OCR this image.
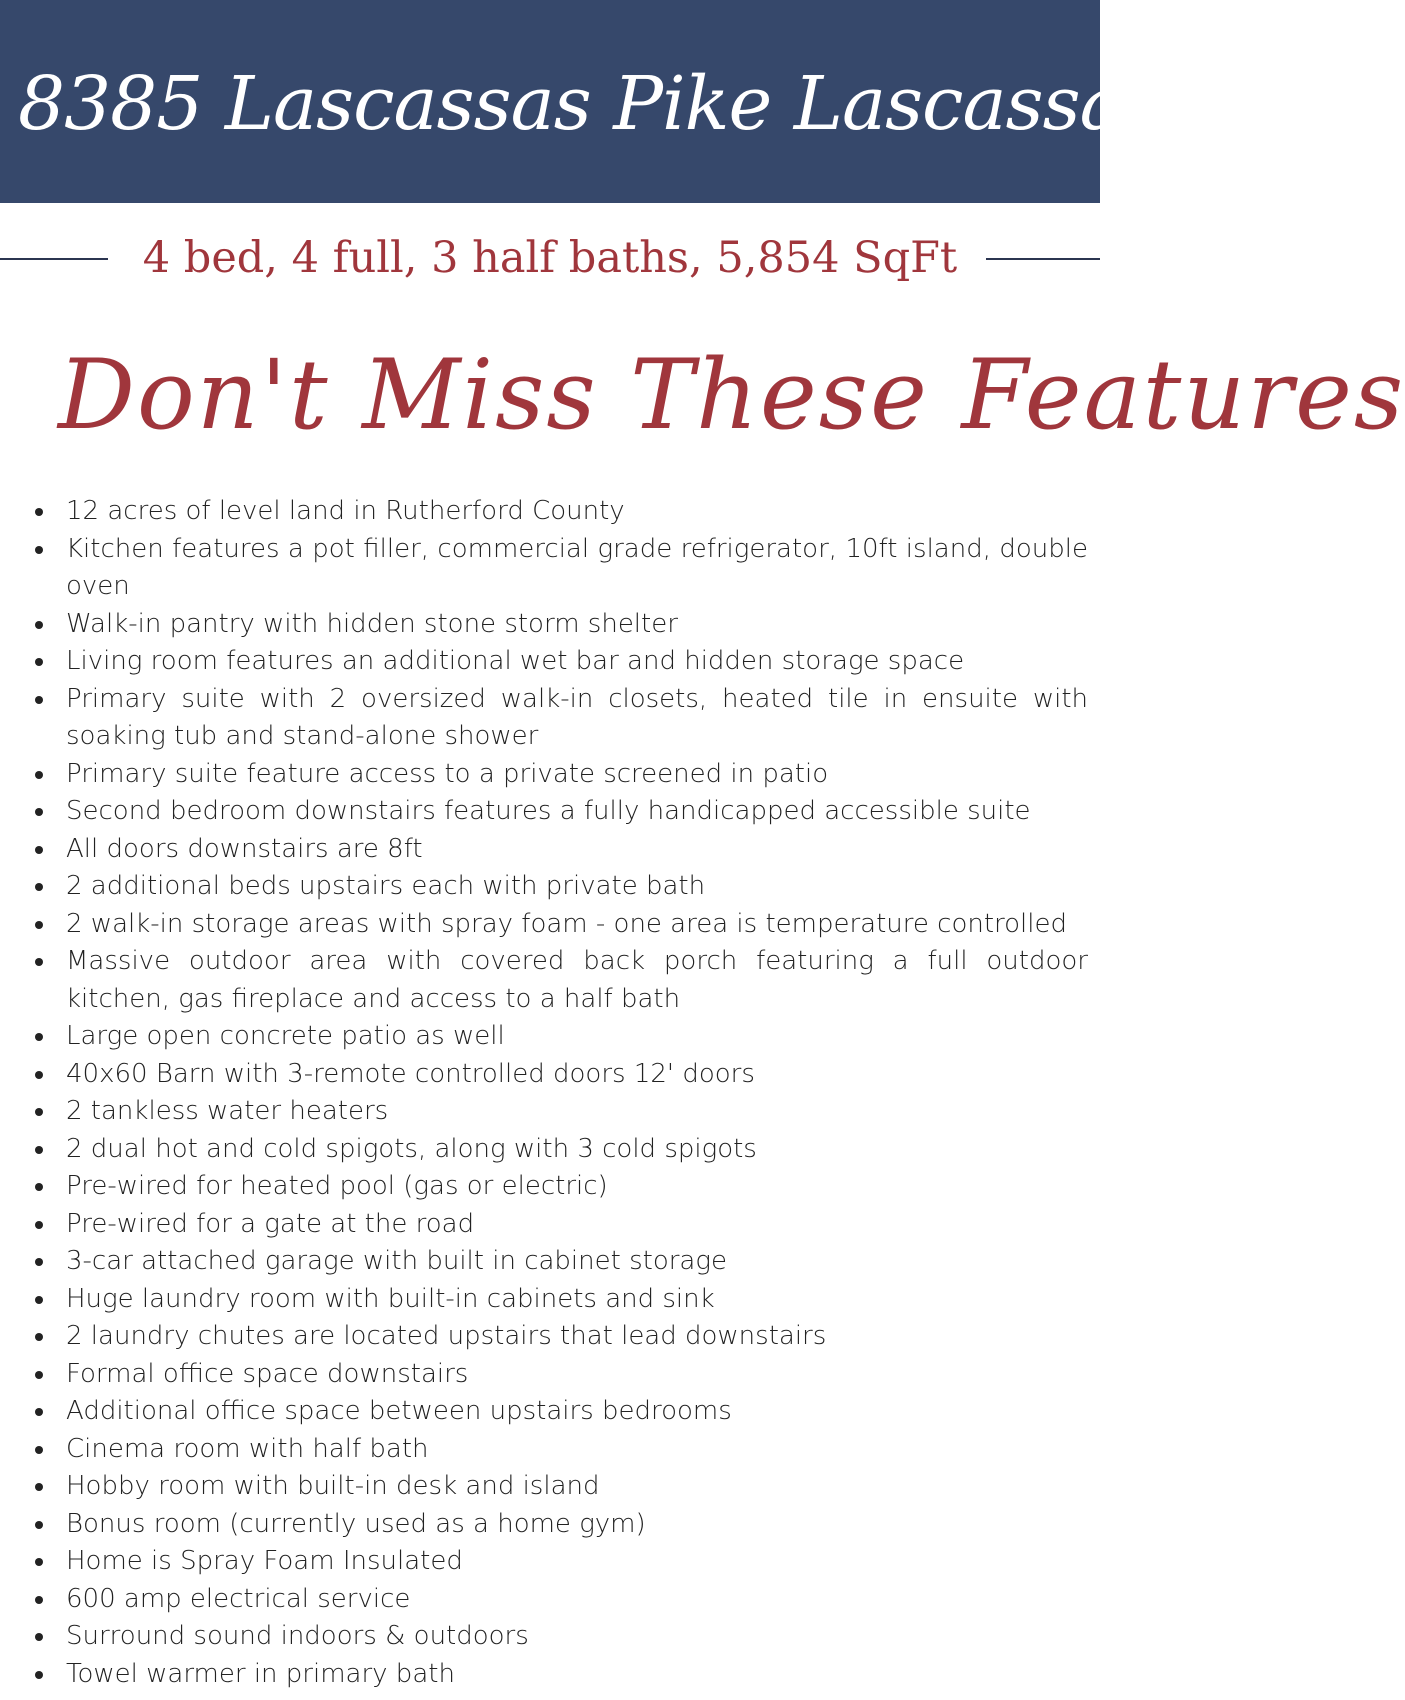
8385 Lascassas Pike Lascassas, TN
4 bed, 4 full, 3 half baths, 5,854 SqFt
Don't Miss These Features
12 acres of level land in Rutherford County
Kitchen features a pot filler, commercial grade refrigerator, 10ft island, double oven
Walk-in pantry with hidden stone storm shelter
Living room features an additional wet bar and hidden storage space
Primary suite with 2 oversized walk-in closets, heated tile in ensuite with soaking tub and stand-alone shower
Primary suite feature access to a private screened in patio
Second bedroom downstairs features a fully handicapped accessible suite
All doors downstairs are 8ft
2 additional beds upstairs each with private bath
2 walk-in storage areas with spray foam - one area is temperature controlled
Massive outdoor area with covered back porch featuring a full outdoor kitchen, gas fireplace and access to a half bath
Large open concrete patio as well
40x60 Barn with 3-remote controlled doors 12' doors
2 tankless water heaters
2 dual hot and cold spigots, along with 3 cold spigots
Pre-wired for heated pool (gas or electric)
Pre-wired for a gate at the road
3-car attached garage with built in cabinet storage
Huge laundry room with built-in cabinets and sink
2 laundry chutes are located upstairs that lead downstairs
Formal office space downstairs
Additional office space between upstairs bedrooms
Cinema room with half bath
Hobby room with built-in desk and island
Bonus room (currently used as a home gym)
Home is Spray Foam Insulated
600 amp electrical service
Surround sound indoors & outdoors
Towel warmer in primary bath
